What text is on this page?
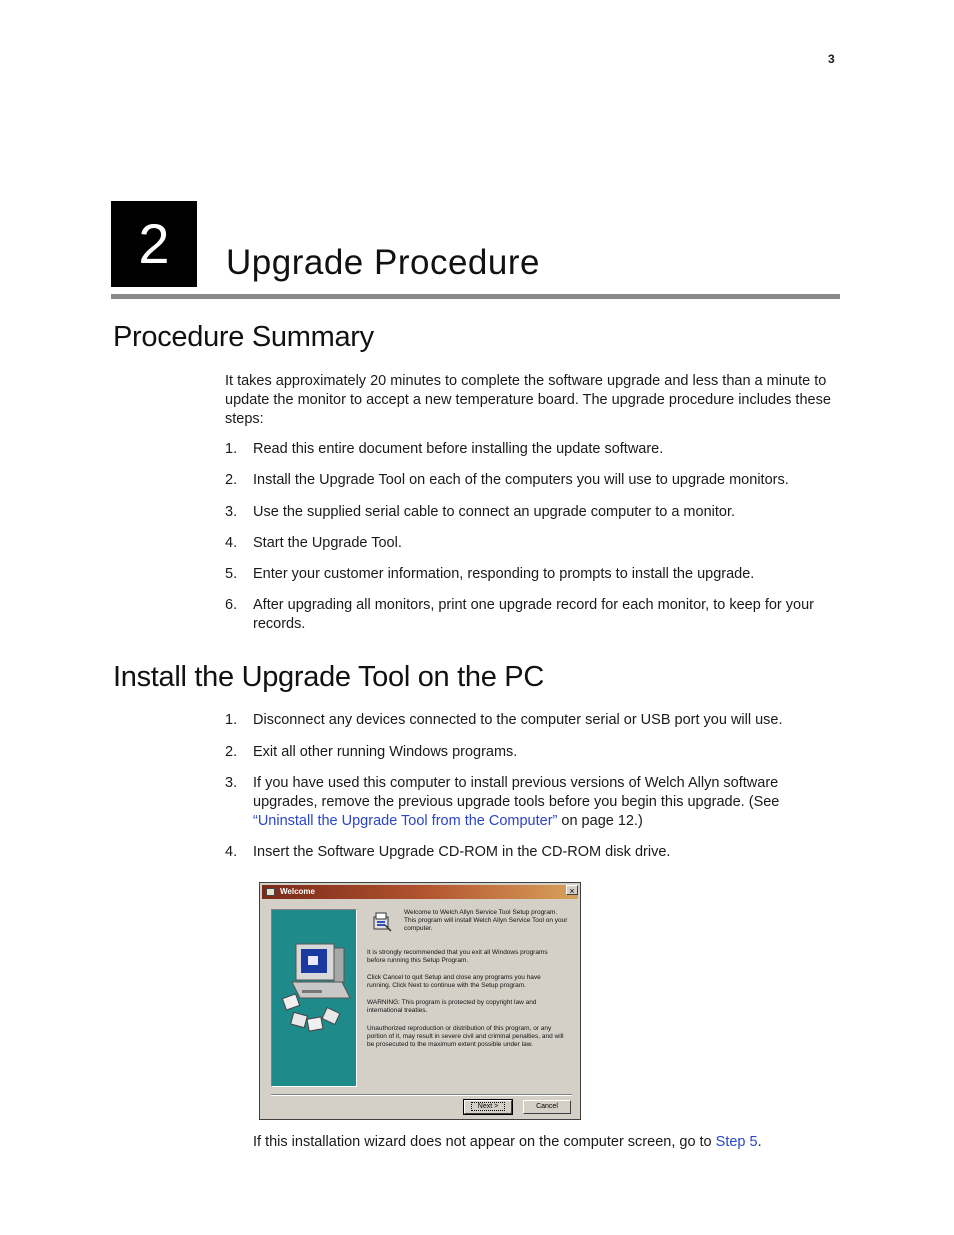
3
2	Upgrade Procedure
Procedure Summary

It takes approximately 20 minutes to complete the software upgrade and less than a minute to update the monitor to accept a new temperature board. The upgrade procedure includes these steps:

1.	Read this entire document before installing the update software.
2.	Install the Upgrade Tool on each of the computers you will use to upgrade monitors.
3.	Use the supplied serial cable to connect an upgrade computer to a monitor.
4.	Start the Upgrade Tool.
5.	Enter your customer information, responding to prompts to install the upgrade.
6.	After upgrading all monitors, print one upgrade record for each monitor, to keep for your records.
Install the Upgrade Tool on the PC
1.	Disconnect any devices connected to the computer serial or USB port you will use.
2.	Exit all other running Windows programs.
3.	If you have used this computer to install previous versions of Welch Allyn software upgrades, remove the previous upgrade tools before you begin this upgrade. (See “Uninstall the Upgrade Tool from the Computer” on page 12.)
4.	Insert the Software Upgrade CD-ROM in the CD-ROM disk drive.
Welcome	×
Welcome to Welch Allyn Service Tool Setup program. This program will install Welch Allyn Service Tool on your computer.
It is strongly recommended that you exit all Windows programs before running this Setup Program.
Click Cancel to quit Setup and close any programs you have running. Click Next to continue with the Setup program.
WARNING: This program is protected by copyright law and international treaties.
Unauthorized reproduction or distribution of this program, or any portion of it, may result in severe civil and criminal penalties, and will be prosecuted to the maximum extent possible under law.
Next >	Cancel

If this installation wizard does not appear on the computer screen, go to Step 5.
